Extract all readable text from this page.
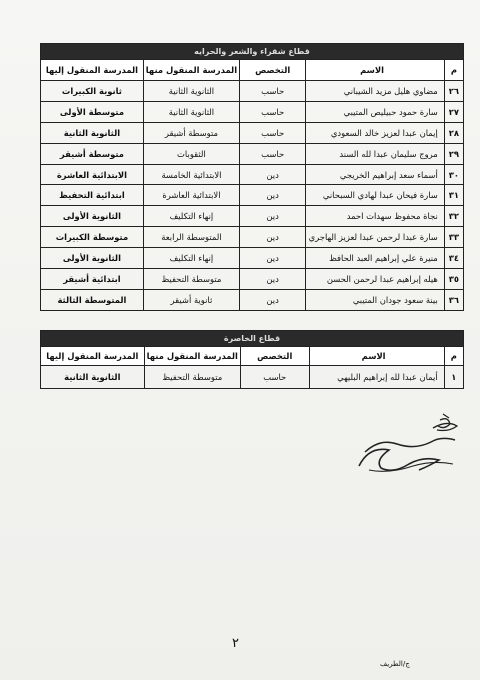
قطاع شقراء والشعر والحرايه				
م	الاسم	التخصص	المدرسة المنقول منها	المدرسة المنقول إليها
٢٦	مضاوي هليل مزيد الشيباني	حاسب	الثانوية الثانية	ثانوية الكبيرات
٢٧	سارة حمود حبيليص المتيبي	حاسب	الثانوية الثانية	متوسطة الأولى
٢٨	إيمان عبدا لعزيز خالد السعودي	حاسب	متوسطة أشيقر	الثانوية الثانية
٢٩	مروج سليمان عبدا لله السند	حاسب	الثقوبات	متوسطة أشيقر
٣٠	أسماء سعد إبراهيم الخريجي	دين	الابتدائية الخامسة	الابتدائية العاشرة
٣١	سارة فيحان عبدا لهادي السبحاني	دين	الابتدائية العاشرة	ابتدائية التحفيظ
٣٢	نجاة محفوظ سهدات احمد	دين	إنهاء التكليف	الثانوية الأولى
٣٣	سارة عبدا لرحمن عبدا لعزيز الهاجري	دين	المتوسطة الرابعة	متوسطة الكبيرات
٣٤	منيرة علي إبراهيم العبد الحافظ	دين	إنهاء التكليف	الثانوية الأولى
٣٥	هيله إبراهيم عبدا لرحمن الحسن	دين	متوسطة التحفيظ	ابتدائية أشيقر
٣٦	بينة سعود جودان المتيبي	دين	ثانوية أشيقر	المتوسطة الثالثة
قطاع الخاصرة				
م	الاسم	التخصص	المدرسة المنقول منها	المدرسة المنقول إليها
١	أيمان عبدا لله إبراهيم البليهي	حاسب	متوسطة التحفيظ	الثانوية الثانية
٢
ج/الطريف
